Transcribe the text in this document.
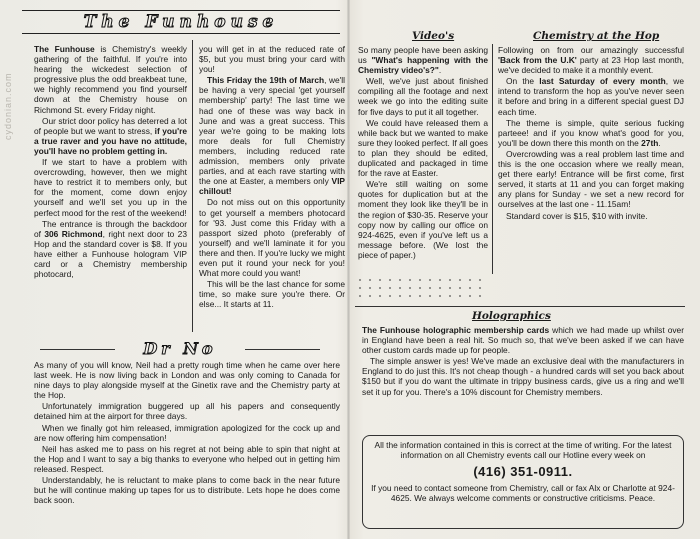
cydonian.com
The Funhouse

The Funhouse is Chemistry's weekly gathering of the faithful. If you're into hearing the wickedest selection of progressive plus the odd breakbeat tune, we highly recommend you find yourself down at the Chemistry house on Richmond St. every Friday night.

Our strict door policy has deterred a lot of people but we want to stress, if you're a true raver and you have no attitude, you'll have no problem getting in.

If we start to have a problem with overcrowding, however, then we might have to restrict it to members only, but for the moment, come down enjoy yourself and we'll set you up in the perfect mood for the rest of the weekend!

The entrance is through the backdoor of 306 Richmond, right next door to 23 Hop and the standard cover is $8. If you have either a Funhouse hologram VIP card or a Chemistry membership photocard,

you will get in at the reduced rate of $5, but you must bring your card with you!

This Friday the 19th of March, we'll be having a very special 'get yourself membership' party! The last time we had one of these was way back in June and was a great success. This year we're going to be making lots more deals for full Chemistry members, including reduced rate admission, members only private parties, and at each rave starting with the one at Easter, a members only VIP chillout!

Do not miss out on this opportunity to get yourself a members photocard for '93. Just come this Friday with a passport sized photo (preferably of yourself) and we'll laminate it for you there and then. If you're lucky we might even put it round your neck for you! What more could you want!

This will be the last chance for some time, so make sure you're there. Or else... It starts at 11.

Dr No

As many of you will know, Neil had a pretty rough time when he came over here last week. He is now living back in London and was only coming to Canada for nine days to play alongside myself at the Ginetix rave and the Chemistry party at the Hop.

Unfortunately immigration buggered up all his papers and consequently detained him at the airport for three days.

When we finally got him released, immigration apologized for the cock up and are now offering him compensation!

Neil has asked me to pass on his regret at not being able to spin that night at the Hop and I want to say a big thanks to everyone who helped out in getting him released. Respect.

Understandably, he is reluctant to make plans to come back in the near future but he will continue making up tapes for us to distribute. Lets hope he does come back soon.

Video's

So many people have been asking us "What's happening with the Chemistry video's?".

Well, we've just about finished compiling all the footage and next week we go into the editing suite for five days to put it all together.

We could have released them a while back but we wanted to make sure they looked perfect. If all goes to plan they should be edited, duplicated and packaged in time for the rave at Easter.

We're still waiting on some quotes for duplication but at the moment they look like they'll be in the region of $30-35. Reserve your copy now by calling our office on 924-4625, even if you've left us a message before. (We lost the piece of paper.)

Chemistry at the Hop

Following on from our amazingly successful 'Back from the U.K' party at 23 Hop last month, we've decided to make it a monthly event.

On the last Saturday of every month, we intend to transform the hop as you've never seen it before and bring in a different special guest DJ each time.

The theme is simple, quite serious fucking parteee! and if you know what's good for you, you'll be down there this month on the 27th.

Overcrowding was a real problem last time and this is the one occasion where we really mean, get there early! Entrance will be first come, first served, it starts at 11 and you can forget making any plans for Sunday - we set a new record for ourselves at the last one - 11.15am!

Standard cover is $15, $10 with invite.

Holographics

The Funhouse holographic membership cards which we had made up whilst over in England have been a real hit. So much so, that we've been asked if we can have other custom cards made up for people.

The simple answer is yes! We've made an exclusive deal with the manufacturers in England to do just this. It's not cheap though - a hundred cards will set you back about $150 but if you do want the ultimate in trippy business cards, give us a ring and we'll set it up for you. There's a 10% discount for Chemistry members.

All the information contained in this is correct at the time of writing. For the latest information on all Chemistry events call our Hotline every week on
(416) 351-0911.
If you need to contact someone from Chemistry, call or fax Alx or Charlotte at 924-4625. We always welcome comments or constructive criticisms. Peace.
